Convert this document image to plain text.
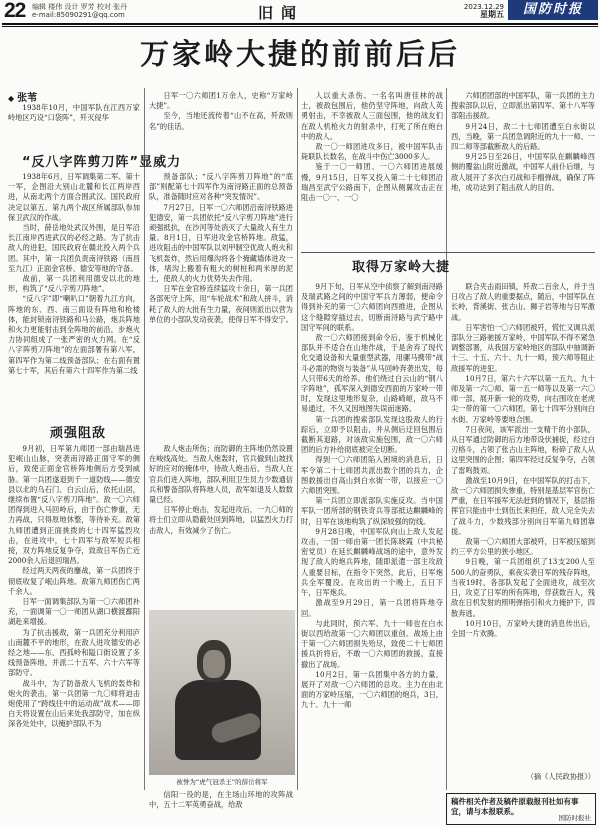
22 编辑 楼伟 设计 罗芳 校对 张丹
e-mail:85090291@qq.com	旧闻	2023.12.29
星期五	国防时报
万家岭大捷的前前后后
◆ 张苇

1938年10月，中国军队在江西万家岭地区巧设“口袋阵”，歼灭侵华

“反八字阵剪刀阵”显威力

1938年6月，日军调集第二军、第十一军，企图沿大别山北麓和长江两岸西进，从南北两个方面合围武汉。国民政府决定以第五、第九两个战区所属部队参加保卫武汉的作战。

当时，薛岳地处武汉外围，是日军沿长江南岸西进武汉的必经之路。为了抗击敌人的进犯，国民政府在赣北投入两个兵团。其中，第一兵团负责南浔铁路（南昌至九江）正面金官桥、德安等地的守备。

战前，第一兵团利用德安以北的地形，构筑了“反八字剪刀阵地”。

“反八字”即“喇叭口”朝着九江方向，阵地的东、西、南三面设有阵地和枪楼体，能封锁南浔铁路和马公路，炮兵阵地和火力更能射击到全阵地的前沿，步炮火力协同组成了一张严密的火力网。在“反八字阵剪刀阵地”的左面部署有第八军，第四军作为第二线预备部队；在右面有置第七十军，其后有第六十四军作为第二线

顽强阻敌

9月初，日军第九师团一部由瑞昌进犯岷山山脉，突袭南浔路正面守军的侧后，致使正面金官桥阵地侧后方受到威胁。第一兵团遂退到千一道防线——德安县以北的乌石门、白云山后，依托山居，继续布置“反八字剪刀阵地”。敌一〇六师团得到进入马回岭后，由于伤亡惨重，无力再战，只得原地休整，等待补充。敌第九师团遭到正面挑拨的七十四军猛烈攻击，在进攻中，七十四军与敌军短兵相接，双方阵地反复争夺，致敌日军伤亡近2000余人后退回瑞昌。

经过两天两夜的鏖战，第一兵团终于彻底收复了岷山阵地。敌第九师团伤亡两千余人。

日军一面调集部队为第一〇六师团补充，一面调第一〇一师团从湖口横渡鄱阳湖赴来增援。

为了抗击援敌，第一兵团充分利用庐山南麓不平的地形，在敌人进攻德安的必经之地——东、西孤岭和隘口街设置了多线预备阵地，并派二十五军、六十六军等部防守。

战斗中，为了防备敌人飞机的轰炸和炮火的袭击，第一兵团第一九〇师将迫击炮使用了“跨线往中的运动战”战术——即白天将设置在山后来处我部防守，加在纵深各处处中，以掩护部队不为

日军一〇六师团1万余人，史称“万家岭大捷”。

至今，当地还流传着“山不在高，歼敌则名”的佳话。

预备部队；“反八字阵剪刀阵地”的“底部”则配第七十四军作为南浔路正面的总预备队，准备随时应对各种“突发情况”。

7月27日，日军一〇六师团沿南浔铁路进犯德安，第一兵团依托“反八字剪刀阵地”进行顽强抵抗，在沙河等处消灭了大量敌人有生力量。8月1日，日军进攻金官桥阵地。敌猛，进攻阻击的中国军队以刘甲制空优敌人炮火和飞机轰炸，然后用爆沟将各个掩藏墙体进攻一体，堵沟上搬着有粗大的树桩和两米厚的泥土，使敌人的火力优势失去作用。

日军在金官桥连续猛攻十余日，第一兵团各部死守上阵，用“车轮战术”和敌人拼斗，消耗了敌人的大批有生力量，夜间则派出以营为单位的小部队发动夜袭，使得日军不得安宁。

敌人炮击所伤；而防御的主阵地仍然设置在峻线高处。当敌人炮轰时，官兵撤到山坡找好的应对的掩体中，待敌人炮击后，当敌人在官兵们进入阵地，部队利用卫生员力少数通信兵和警备部队将阵地人员，敌军如退及人数数量已经。

日军停止炮击，发起进攻后，一九〇师的将士们立即从隐蔽处回到阵地，以猛烈火力打击敌人，有效减少了伤亡。

被誉为“虎气冠杀王”的薛岳将军

信阳一役的是，在主场山环地的攻阵战中，五十二军英勇奋战，给敌

人以重大杀伤。一名名叫唐佳林的战士，被敌包围后，他仍坚守阵地，向敌人英勇射击，不幸被敌人三面包围，他的战友们在敌人机枪火力的射杀中，打死了所在炮台中的敌人。

敌一〇一师团进攻多日，被中国军队击毙联队长数名，在战斗中伤亡3000多人。

鉴于一〇一师团、一〇六师团进展缓慢，9月15日，日军又投入第二十七师团沿瑞昌至武宁公路南下，企图从侧翼攻击正在阻击一〇一、一〇

取得万家岭大捷

六师团团部的中国军队，第一兵团的主力搜索部队以后，立即派出第四军、第十八军等部阻击援敌。

9月24日，敌二十七师团遭至白水街以西，当晚，第一兵团急调附近的九十一师、一四二师等部截断敌人的后路。

9月25日至26日，中国军队在麒麟峰西侧的覆盆山附近激战，中国军人前仆后继，与敌人展开了多次白刃战和手榴弹战，确保了阵地，成功达到了阻击敌人的目的。

9月下旬，日军从空中侦察了解到南浔路及瑞武路之间的中国守军兵力薄弱，便命令得到补充的第一〇六师团向西推进，企图从这个缝隙穿插过去，切断南浔路与武宁路中国守军间的联系。

敌一〇六师团接到命令后，鉴于机械化部队并不适合在山地作战，于是舍弃了现代化交通设备和大量重型武器，用骡马携带“战斗必需的物资与装备”从马回岭奔袭出发，每人只带6天的给养。他们绕过白云山的“钢八字阵地”，孤军深入到德安西面的万家岭一带时，发现这里地形复杂，山路崎岖，敌马不易通过，不久又因地图失误而迷路。

第一兵团的搜索部队发现这股敌人的行踪后，立即予以阻击，并从侧后迂回包围后截断其退路，对该敌实施包围，敌一〇六师团的后方补给彻底被完全切断。

得到一〇六师团陷入困境的消息后，日军令第二十七师团共派出数个团的兵力，企图救援出自高山到白水街一带，以接应一〇六师团突围。

第一兵团立即派部队实施反攻。当中国军队一团所部的钢铁奇兵等部抵达麒麟峰的时，日军在该地构筑了纵深较强的防线。

9月28日晚，中国军队向山上敌人发起攻击，一国一师由第一团长陈晓霞（中共秘密党员）在延长麒麟峰战场的途中，意外发现了敌人的炮兵阵地，随即派遣一部主攻敌人重要目标，在指令下突然，此后，日军炮兵全军覆没。在攻出的一个晚上，五日下午，日军炮兵。

激战至9月29日，第一兵团将阵地夺回。

与此同时，预六军、九十一师也在白水街以西给敌第一〇六师团以重创。战场上由于第一〇六师团损失殆尽，致使二十七师团援兵折将后，不敢一〇六师团的救援，直接撤出了战场。

10月2日，第一兵团集中各方的力量，展开了对敌一〇六师团的总攻。主力在由北面的万家岭压缩，一〇六师团的炮兵，3日，九十、九十一师

联合夹击雨田镇，歼敌二百余人，并于当日攻占了敌人的重要据点，随后，中国军队在长岭，背溪街、张古山、狮子岩等地与日军激战。

日军害怕一〇六师团被歼，慌忙又调兵派部队分三路驰援万家岭，中国军队不得不紧急调整部署，从我国万家岭地区的部队中抽调新十三、十五、六十、九十一师，预六师等阻止敌援军的进犯。

10月7日，第六十六军以第一五九、九十师及第一六〇师、第一五一师等以及第一六〇师一部，展开新一轮的攻势，向右围攻在老虎尖一带的第一〇六师团，第七十四军分别向白水街、万家岭等要地合围。

7日夜间，该军派出一支精干的小部队，从日军通过防御的后方地带设伏捕捉，经过白刃格斗，占领了张古山主阵地，粉碎了敌人从这里突围的企图；第四军经过反复争夺，占领了雷鸣鼓刘。

激战至10月9日，在中国军队的打击下，敌一〇六师团损失惨重，特别是基层军官伤亡严重，在日军援军无法赶到的情况下，基层指挥官只能由中士到伍长来担任，敌人完全失去了战斗力，少数残部分别向日军第九师团靠拢。

敌第一〇六师团大部被歼，日军被压缩到约三平方公里的狭小地区。

9日晚，第一兵团组织了13支200人至500人的奋勇队，乘夜实袭日军的残存阵地，当夜19时，各部队发起了全面进攻，战至次日，攻克了日军的所有阵地，俘获数百人，残敌在日机发射的照明弹指引和火力掩护下，四散奔逃。

10月10日，万家岭大捷的消息传出后，全国一片欢腾。

（摘《人民政协报》）
稿件相关作者及稿件原载报刊社如有事宜，请与本报联系。
国防时报社
